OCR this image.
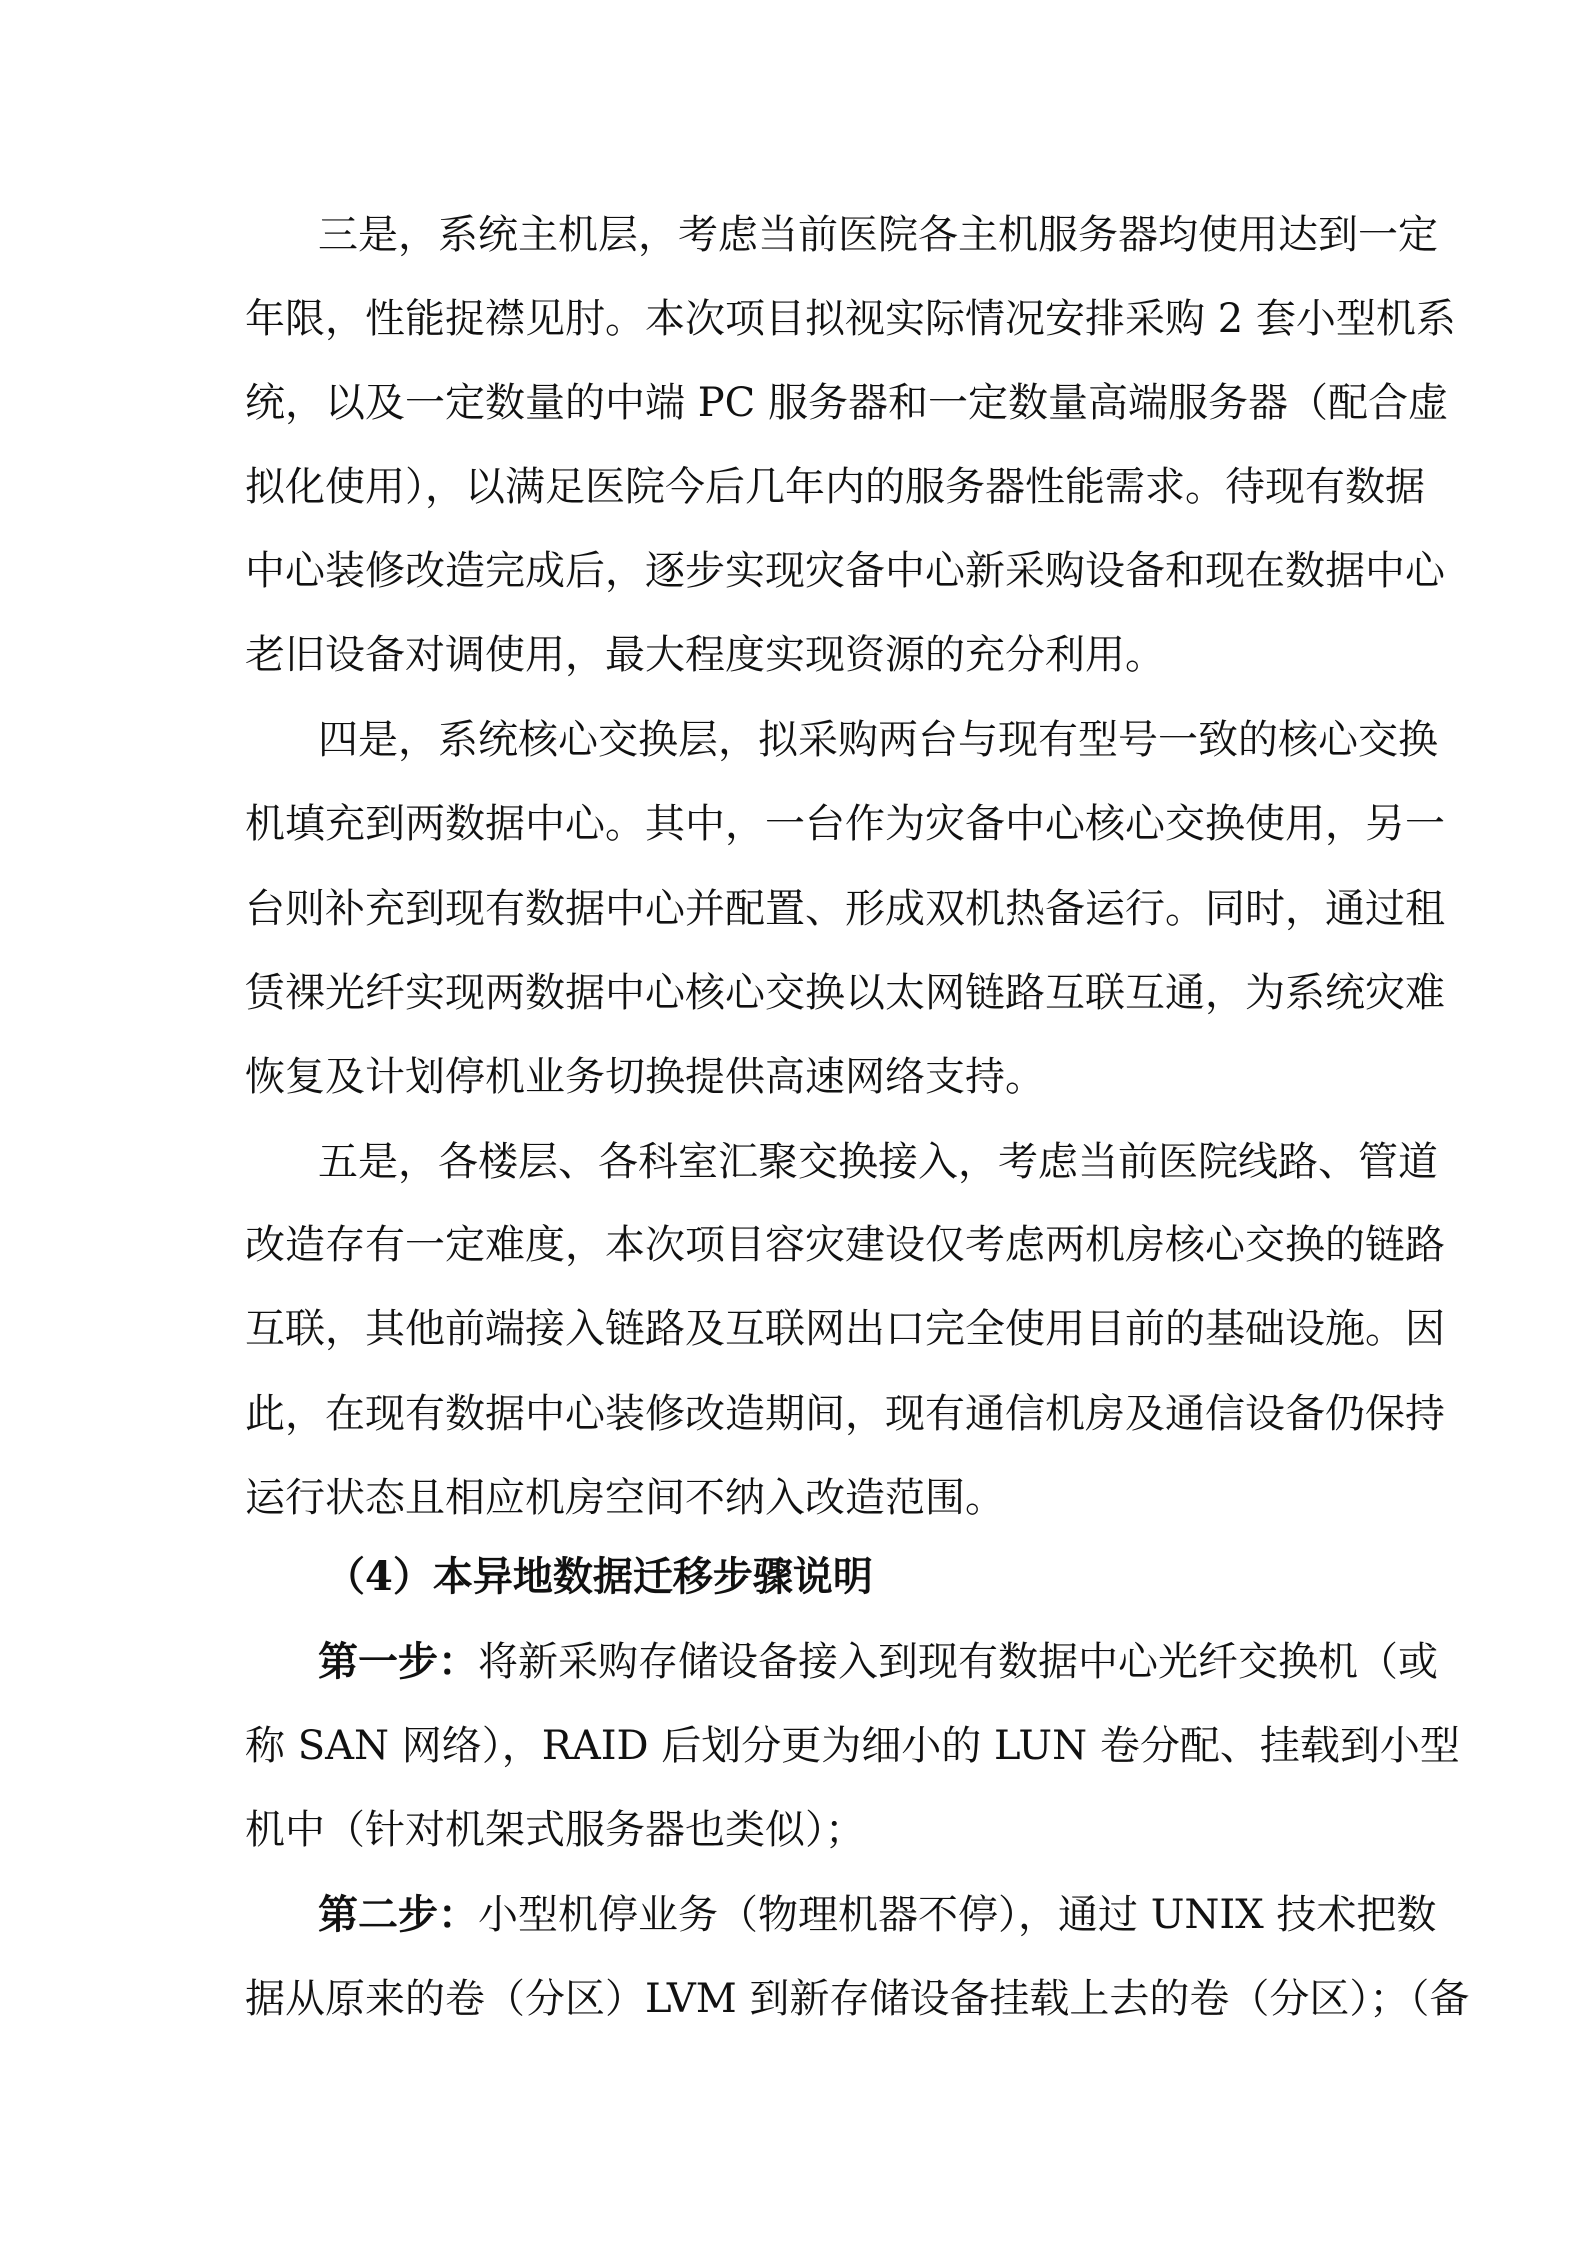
三是，系统主机层，考虑当前医院各主机服务器均使用达到一定
年限，性能捉襟见肘。本次项目拟视实际情况安排采购 2 套小型机系
统，以及一定数量的中端 PC 服务器和一定数量高端服务器（配合虚
拟化使用），以满足医院今后几年内的服务器性能需求。待现有数据
中心装修改造完成后，逐步实现灾备中心新采购设备和现在数据中心
老旧设备对调使用，最大程度实现资源的充分利用。
四是，系统核心交换层，拟采购两台与现有型号一致的核心交换
机填充到两数据中心。其中，一台作为灾备中心核心交换使用，另一
台则补充到现有数据中心并配置、形成双机热备运行。同时，通过租
赁裸光纤实现两数据中心核心交换以太网链路互联互通，为系统灾难
恢复及计划停机业务切换提供高速网络支持。
五是，各楼层、各科室汇聚交换接入，考虑当前医院线路、管道
改造存有一定难度，本次项目容灾建设仅考虑两机房核心交换的链路
互联，其他前端接入链路及互联网出口完全使用目前的基础设施。因
此，在现有数据中心装修改造期间，现有通信机房及通信设备仍保持
运行状态且相应机房空间不纳入改造范围。
（4）本异地数据迁移步骤说明
第一步：将新采购存储设备接入到现有数据中心光纤交换机（或
称 SAN 网络），RAID 后划分更为细小的 LUN 卷分配、挂载到小型
机中（针对机架式服务器也类似）；
第二步：小型机停业务（物理机器不停），通过 UNIX 技术把数
据从原来的卷（分区）LVM 到新存储设备挂载上去的卷（分区）；（备
